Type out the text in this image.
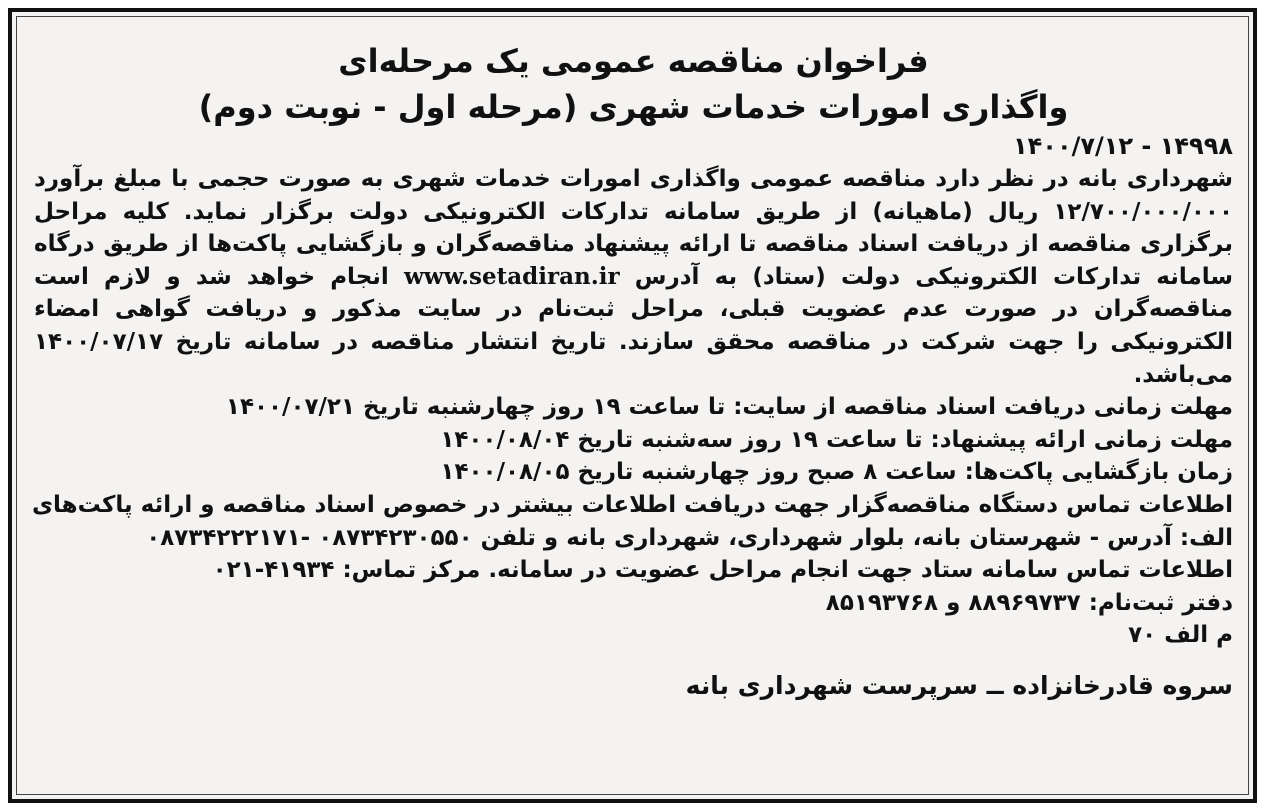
فراخوان مناقصه عمومی یک مرحله‌ای
واگذاری امورات خدمات شهری (مرحله اول - نوبت دوم)

۱۴۹۹۸ - ۱۴۰۰/۷/۱۲

شهرداری بانه در نظر دارد مناقصه عمومی واگذاری امورات خدمات شهری به صورت حجمی با مبلغ برآورد ۱۲/۷۰۰/۰۰۰/۰۰۰ ریال (ماهیانه) از طریق سامانه تدارکات الکترونیکی دولت برگزار نماید. کلیه مراحل برگزاری مناقصه از دریافت اسناد مناقصه تا ارائه پیشنهاد مناقصه‌گران و بازگشایی پاکت‌ها از طریق درگاه سامانه تدارکات الکترونیکی دولت (ستاد) به آدرس www.setadiran.ir انجام خواهد شد و لازم است مناقصه‌گران در صورت عدم عضویت قبلی، مراحل ثبت‌نام در سایت مذکور و دریافت گواهی امضاء الکترونیکی را جهت شرکت در مناقصه محقق سازند. تاریخ انتشار مناقصه در سامانه تاریخ ۱۴۰۰/۰۷/۱۷ می‌باشد.

مهلت زمانی دریافت اسناد مناقصه از سایت: تا ساعت ۱۹ روز چهارشنبه تاریخ ۱۴۰۰/۰۷/۲۱

مهلت زمانی ارائه پیشنهاد: تا ساعت ۱۹ روز سه‌شنبه تاریخ ۱۴۰۰/۰۸/۰۴

زمان بازگشایی پاکت‌ها: ساعت ۸ صبح روز چهارشنبه تاریخ ۱۴۰۰/۰۸/۰۵

اطلاعات تماس دستگاه مناقصه‌گزار جهت دریافت اطلاعات بیشتر در خصوص اسناد مناقصه و ارائه پاکت‌های

الف: آدرس - شهرستان بانه، بلوار شهرداری، شهرداری بانه و تلفن ۰۸۷۳۴۲۳۰۵۵۰ -۰۸۷۳۴۲۲۲۱۷۱

اطلاعات تماس سامانه ستاد جهت انجام مراحل عضویت در سامانه. مرکز تماس: ۴۱۹۳۴-۰۲۱

دفتر ثبت‌نام: ۸۸۹۶۹۷۳۷ و ۸۵۱۹۳۷۶۸

م الف ۷۰

سروه قادرخانزاده ــ سرپرست شهرداری بانه
